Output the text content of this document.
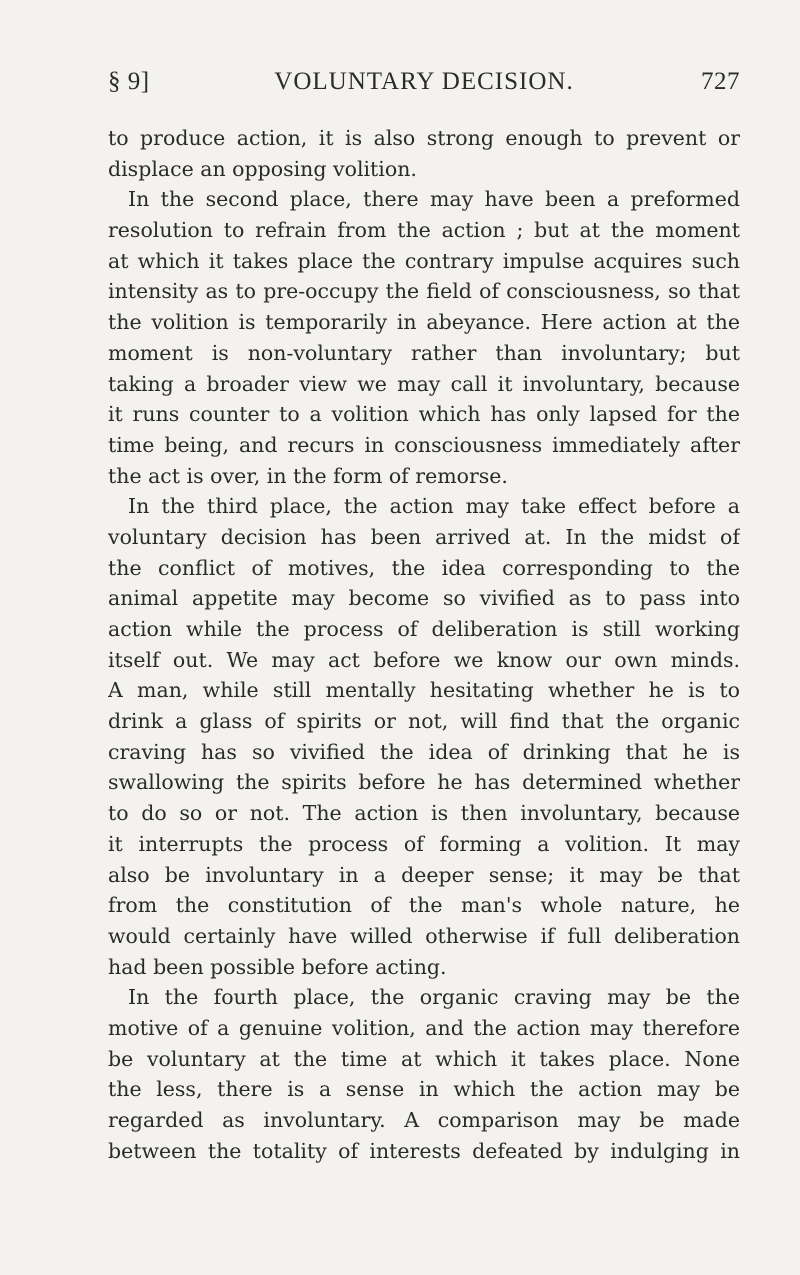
§ 9]	VOLUNTARY DECISION.	727
to produce action, it is also strong enough to prevent or
displace an opposing volition.
In the second place, there may have been a preformed
resolution to refrain from the action ; but at the moment
at which it takes place the contrary impulse acquires such
intensity as to pre-occupy the field of consciousness, so that
the volition is temporarily in abeyance. Here action at the
moment is non-voluntary rather than involuntary; but
taking a broader view we may call it involuntary, because
it runs counter to a volition which has only lapsed for the
time being, and recurs in consciousness immediately after
the act is over, in the form of remorse.
In the third place, the action may take effect before a
voluntary decision has been arrived at. In the midst of
the conflict of motives, the idea corresponding to the
animal appetite may become so vivified as to pass into
action while the process of deliberation is still working
itself out. We may act before we know our own minds.
A man, while still mentally hesitating whether he is to
drink a glass of spirits or not, will find that the organic
craving has so vivified the idea of drinking that he is
swallowing the spirits before he has determined whether
to do so or not. The action is then involuntary, because
it interrupts the process of forming a volition. It may
also be involuntary in a deeper sense; it may be that
from the constitution of the man's whole nature, he
would certainly have willed otherwise if full deliberation
had been possible before acting.
In the fourth place, the organic craving may be the
motive of a genuine volition, and the action may therefore
be voluntary at the time at which it takes place. None
the less, there is a sense in which the action may be
regarded as involuntary. A comparison may be made
between the totality of interests defeated by indulging in
